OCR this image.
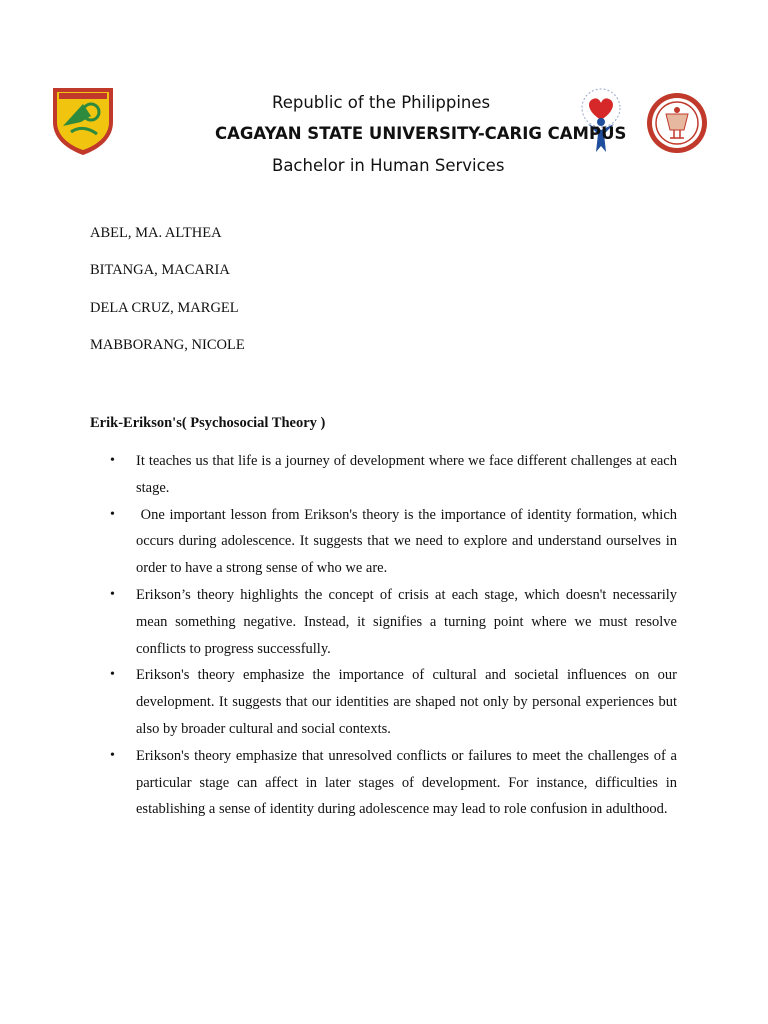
Republic of the Philippines
CAGAYAN STATE UNIVERSITY-CARIG CAMPUS
Bachelor in Human Services
ABEL, MA. ALTHEA
BITANGA, MACARIA
DELA CRUZ, MARGEL
MABBORANG, NICOLE

Erik-Erikson's( Psychosocial Theory )

• It teaches us that life is a journey of development where we face different challenges at each stage.
• One important lesson from Erikson's theory is the importance of identity formation, which occurs during adolescence. It suggests that we need to explore and understand ourselves in order to have a strong sense of who we are.
• Erikson’s theory highlights the concept of crisis at each stage, which doesn't necessarily mean something negative. Instead, it signifies a turning point where we must resolve conflicts to progress successfully.
• Erikson's theory emphasize the importance of cultural and societal influences on our development. It suggests that our identities are shaped not only by personal experiences but also by broader cultural and social contexts.
• Erikson's theory emphasize that unresolved conflicts or failures to meet the challenges of a particular stage can affect in later stages of development. For instance, difficulties in establishing a sense of identity during adolescence may lead to role confusion in adulthood.
